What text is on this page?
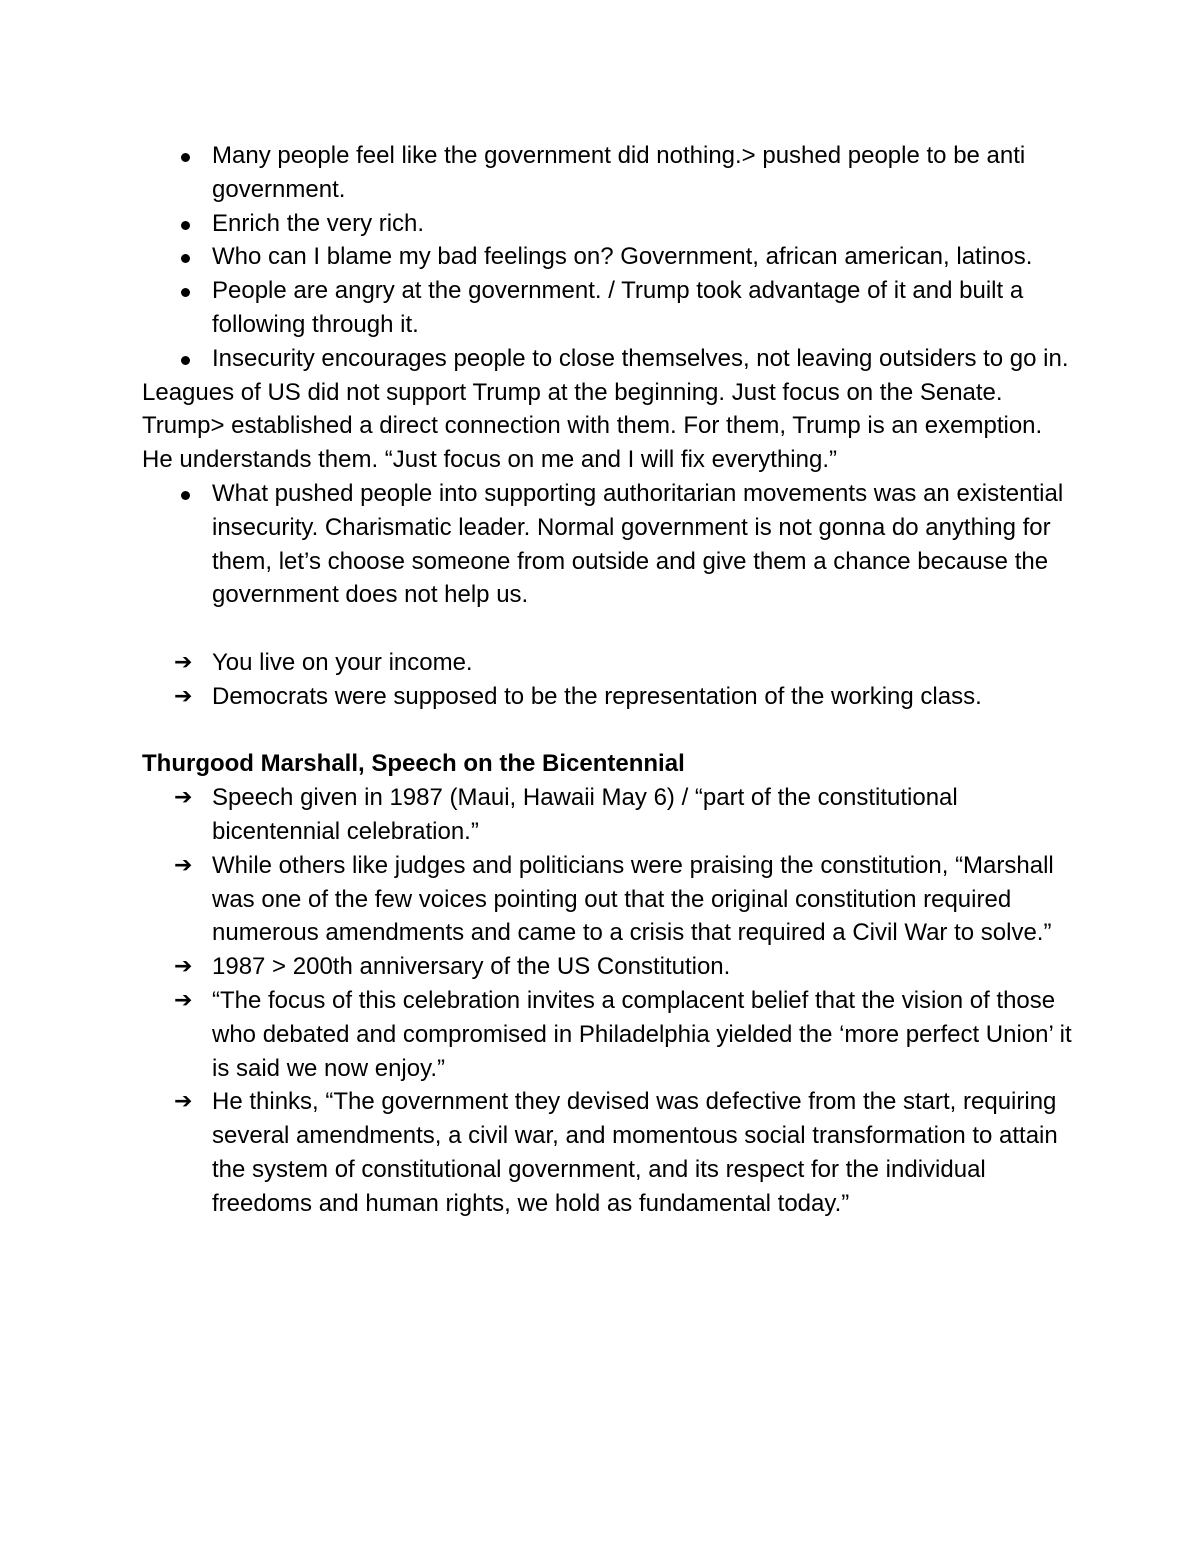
Many people feel like the government did nothing.> pushed people to be anti government.
Enrich the very rich.
Who can I blame my bad feelings on? Government, african american, latinos.
People are angry at the government. / Trump took advantage of it and built a following through it.
Insecurity encourages people to close themselves, not leaving outsiders to go in.

Leagues of US did not support Trump at the beginning. Just focus on the Senate. Trump> established a direct connection with them. For them, Trump is an exemption. He understands them. “Just focus on me and I will fix everything.”

What pushed people into supporting authoritarian movements was an existential insecurity. Charismatic leader. Normal government is not gonna do anything for them, let’s choose someone from outside and give them a chance because the government does not help us.
➔ You live on your income.
➔ Democrats were supposed to be the representation of the working class.
Thurgood Marshall, Speech on the Bicentennial
➔ Speech given in 1987 (Maui, Hawaii May 6) / “part of the constitutional bicentennial celebration.”
➔ While others like judges and politicians were praising the constitution, “Marshall was one of the few voices pointing out that the original constitution required numerous amendments and came to a crisis that required a Civil War to solve.”
➔ 1987 > 200th anniversary of the US Constitution.
➔ “The focus of this celebration invites a complacent belief that the vision of those who debated and compromised in Philadelphia yielded the ‘more perfect Union’ it is said we now enjoy.”
➔ He thinks, “The government they devised was defective from the start, requiring several amendments, a civil war, and momentous social transformation to attain the system of constitutional government, and its respect for the individual freedoms and human rights, we hold as fundamental today.”
